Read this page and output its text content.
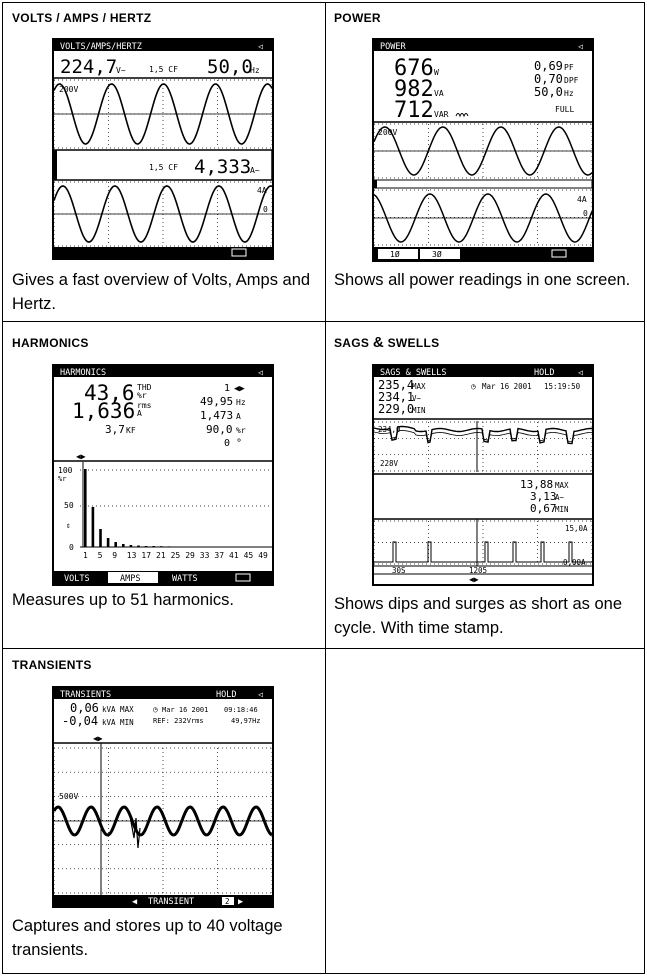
VOLTS / AMPS / HERTZ
VOLTS/AMPS/HERTZ	◁
224,7
V~	1,5 CF 50,0
Hz
200V
1,5 CF 4,333
A~
4A
0
Gives a fast overview of Volts, Amps and Hertz.
POWER
POWER	◁
676 W
982 VA
712 VAR
0,69 PF
0,70 DPF
50,0 Hz
FULL
200V
4A
0
1Ø	3Ø
Shows all power readings in one screen.
HARMONICS
HARMONICS	◁
43,6 THD
%r
1,636 rms
A
3,7 KF
1 ◀▶
49,95 Hz
1,473 A
90,0 %r
0 °
◀▶
100
%r
50
⇕
0
1 5 9 13 17 21 25 29 33 37 41 45 49
VOLTS	AMPS	WATTS
Measures up to 51 harmonics.
SAGS & SWELLS
SAGS & SWELLS	HOLD	◁
235,4
MAX
234,1
V~
229,0
MIN
◷ Mar 16 2001 15:19:50
234,0
228V
13,88 MAX
3,13
A~
0,67
MIN
15,0A
0,00A
30S	1205
◀▶
Shows dips and surges as short as one cycle. With time stamp.
TRANSIENTS
TRANSIENTS	HOLD	◁
0,06 kVA MAX
-0,04 kVA MIN
◷ Mar 16 2001 09:18:46
REF: 232Vrms	49,97Hz
◀▶
500V
◀ TRANSIENT	2 ▶
Captures and stores up to 40 voltage transients.
